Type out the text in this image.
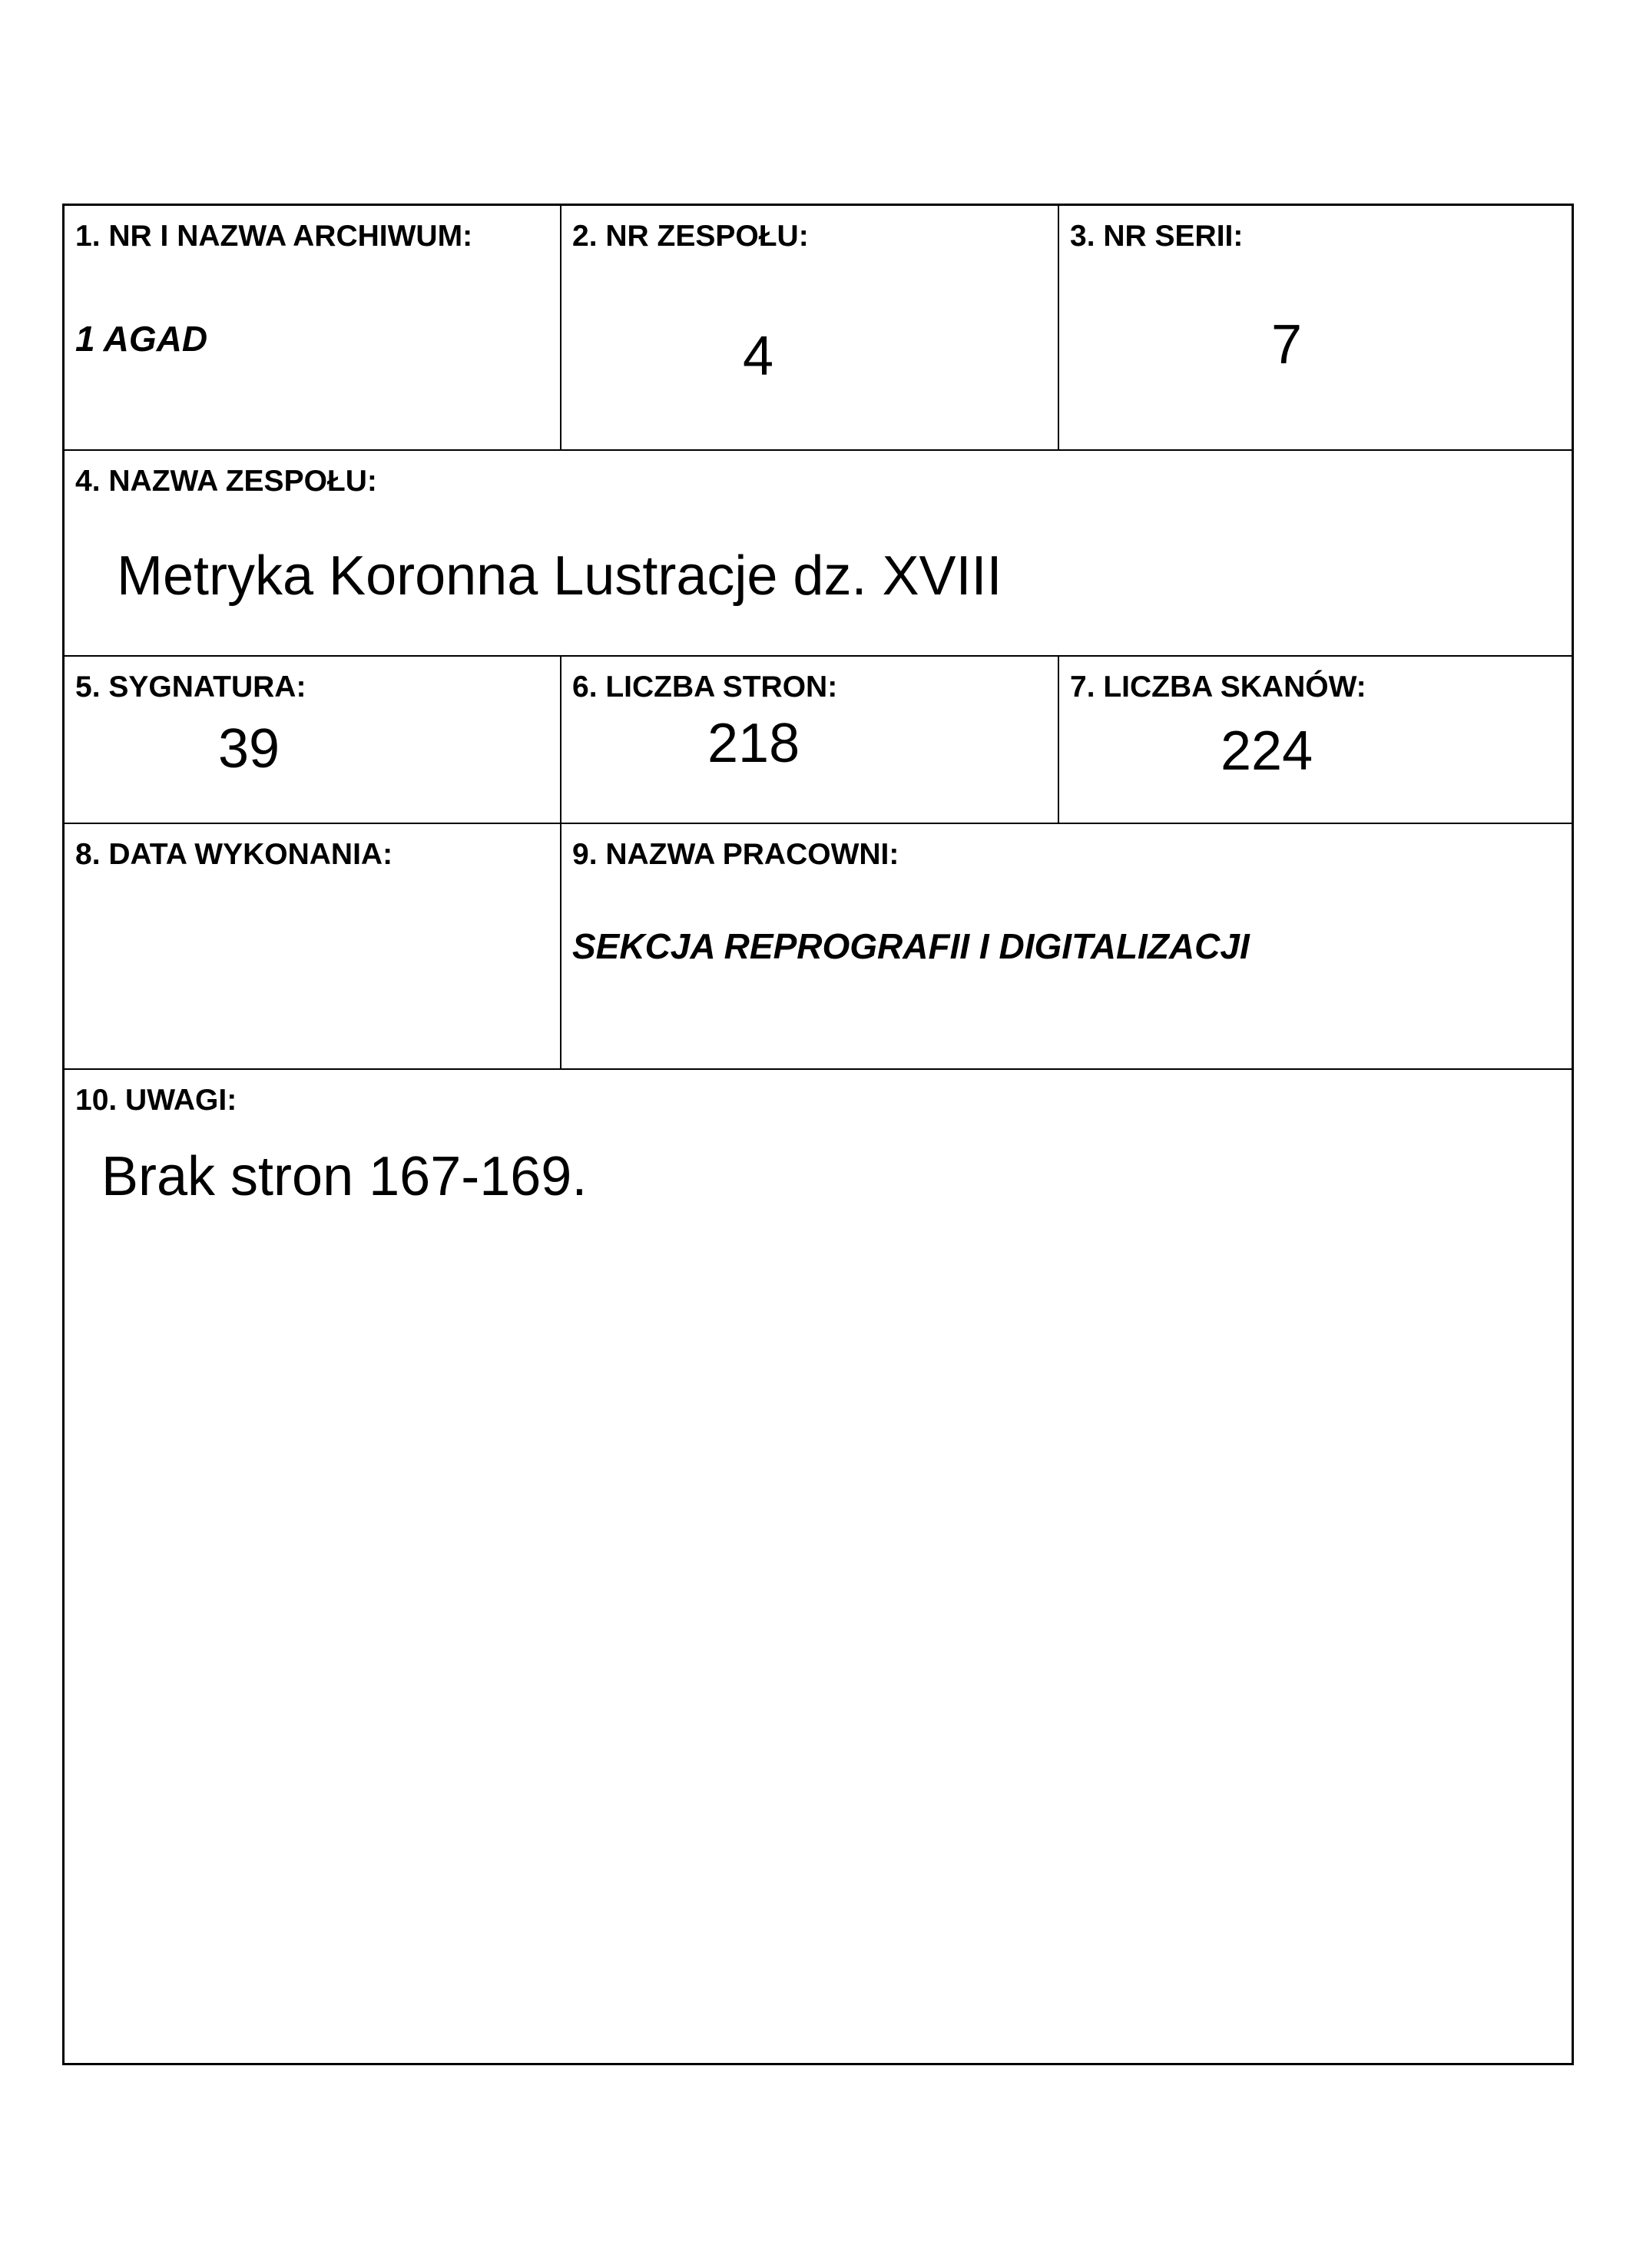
1. NR I NAZWA ARCHIWUM:
1 AGAD
2. NR ZESPOŁU:
4
3. NR SERII:
7
4. NAZWA ZESPOŁU:
Metryka Koronna Lustracje dz. XVIII
5. SYGNATURA:
39
6. LICZBA STRON:
218
7. LICZBA SKANÓW:
224
8. DATA WYKONANIA:	9. NAZWA PRACOWNI:
SEKCJA REPROGRAFII I DIGITALIZACJI
10. UWAGI:
Brak stron 167-169.
